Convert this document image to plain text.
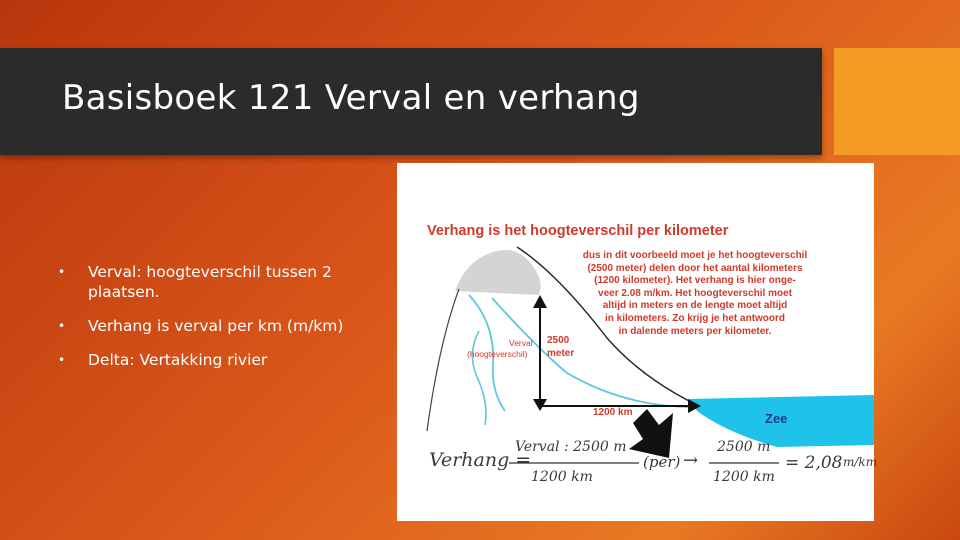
Basisboek 121 Verval en verhang
• Verval: hoogteverschil tussen 2 plaatsen.
• Verhang is verval per km (m/km)
• Delta: Vertakking rivier
Verhang is het hoogteverschil per kilometer
dus in dit voorbeeld moet je het hoogteverschil
(2500 meter) delen door het aantal kilometers
(1200 kilometer). Het verhang is hier onge-
veer 2.08 m/km. Het hoogteverschil moet
altijd in meters en de lengte moet altijd
in kilometers. Zo krijg je het antwoord
in dalende meters per kilometer.
Verval
(hoogteverschil)
2500
meter
1200 km	Zee
Verhang =
Verval : 2500 m
1200 km
(per) →
2500 m
1200 km
= 2,08 m/km
